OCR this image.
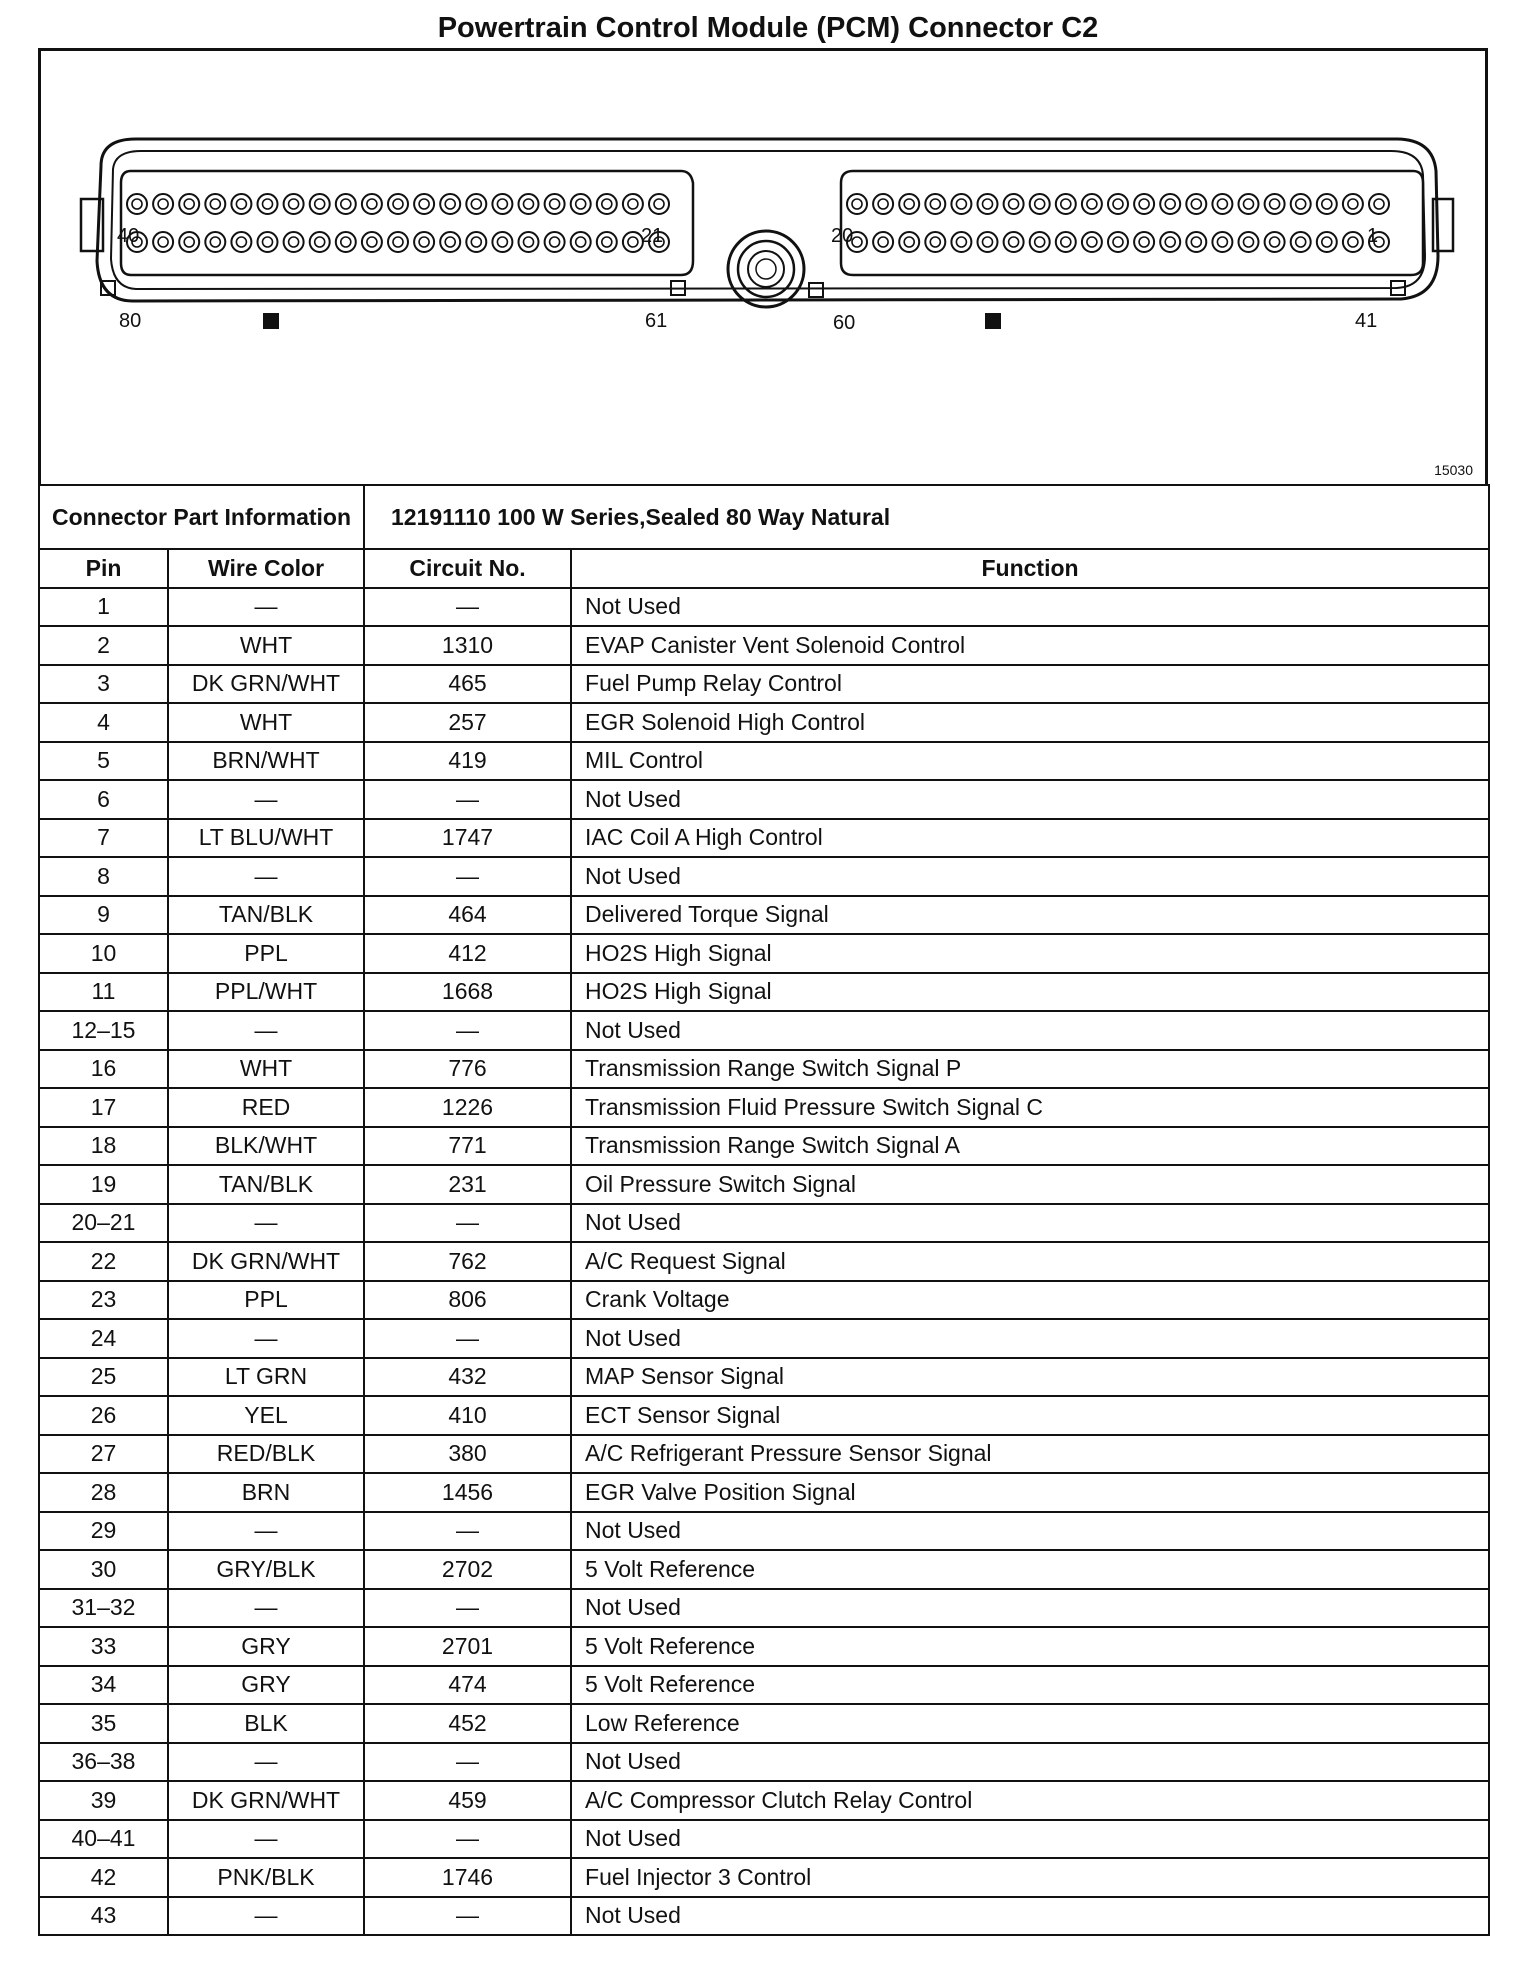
Powertrain Control Module (PCM) Connector C2
40	21
80	61
20	1
60	41
15030
Connector Part Information		12191110 100 W Series,Sealed 80 Way Natural	
Pin	Wire Color	Circuit No.	Function
1	—	—	Not Used
2	WHT	1310	EVAP Canister Vent Solenoid Control
3	DK GRN/WHT	465	Fuel Pump Relay Control
4	WHT	257	EGR Solenoid High Control
5	BRN/WHT	419	MIL Control
6	—	—	Not Used
7	LT BLU/WHT	1747	IAC Coil A High Control
8	—	—	Not Used
9	TAN/BLK	464	Delivered Torque Signal
10	PPL	412	HO2S High Signal
11	PPL/WHT	1668	HO2S High Signal
12–15	—	—	Not Used
16	WHT	776	Transmission Range Switch Signal P
17	RED	1226	Transmission Fluid Pressure Switch Signal C
18	BLK/WHT	771	Transmission Range Switch Signal A
19	TAN/BLK	231	Oil Pressure Switch Signal
20–21	—	—	Not Used
22	DK GRN/WHT	762	A/C Request Signal
23	PPL	806	Crank Voltage
24	—	—	Not Used
25	LT GRN	432	MAP Sensor Signal
26	YEL	410	ECT Sensor Signal
27	RED/BLK	380	A/C Refrigerant Pressure Sensor Signal
28	BRN	1456	EGR Valve Position Signal
29	—	—	Not Used
30	GRY/BLK	2702	5 Volt Reference
31–32	—	—	Not Used
33	GRY	2701	5 Volt Reference
34	GRY	474	5 Volt Reference
35	BLK	452	Low Reference
36–38	—	—	Not Used
39	DK GRN/WHT	459	A/C Compressor Clutch Relay Control
40–41	—	—	Not Used
42	PNK/BLK	1746	Fuel Injector 3 Control
43	—	—	Not Used
